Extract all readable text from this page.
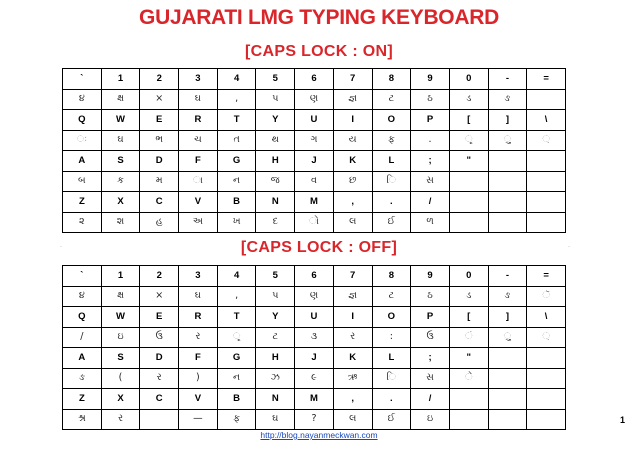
GUJARATI LMG TYPING KEYBOARD
[CAPS LOCK : ON]
`	1	2	3	4	5	6	7	8	9	0	-	=
૪	ક્ષ	×	ઘ	,	પ	ણ	જ્ઞ	ટ	ઠ	ડ	ઙ	
Q	W	E	R	T	Y	U	I	O	P	[	]	\
ઃ	ઘ	ભ	ચ	ત	થ	ગ	ય	ફ	.	ૃ	ુ	઼
A	S	D	F	G	H	J	K	L	;	"		
બ	ક	મ	ા	ન	જ	વ	છ	િ	સ			
Z	X	C	V	B	N	M	,	.	/			
૨	શ	હ	અ	ખ	દ	ો	લ	ઈ	ળ			
[CAPS LOCK : OFF]
`	1	2	3	4	5	6	7	8	9	0	-	=
૪	ક્ષ	×	ઘ	,	પ	ણ	જ્ઞ	ટ	ઠ	ડ	ઙ	ૅ
Q	W	E	R	T	Y	U	I	O	P	[	]	\
/	ઇ	ઉ	ર	ૃ	ટ	૩	ર	:	ઉ	ં	ુ	઼
A	S	D	F	G	H	J	K	L	;	"		
ઙ	(	ર	)	ન	ઝ	૯	ઋ	િ	સ	ે		
Z	X	C	V	B	N	M	,	.	/			
શ્ર	ર		—	ફ	ઘ	?	લ	ઈ	ઇ			
http://blog.nayanmeckwan.com
1
·	·
